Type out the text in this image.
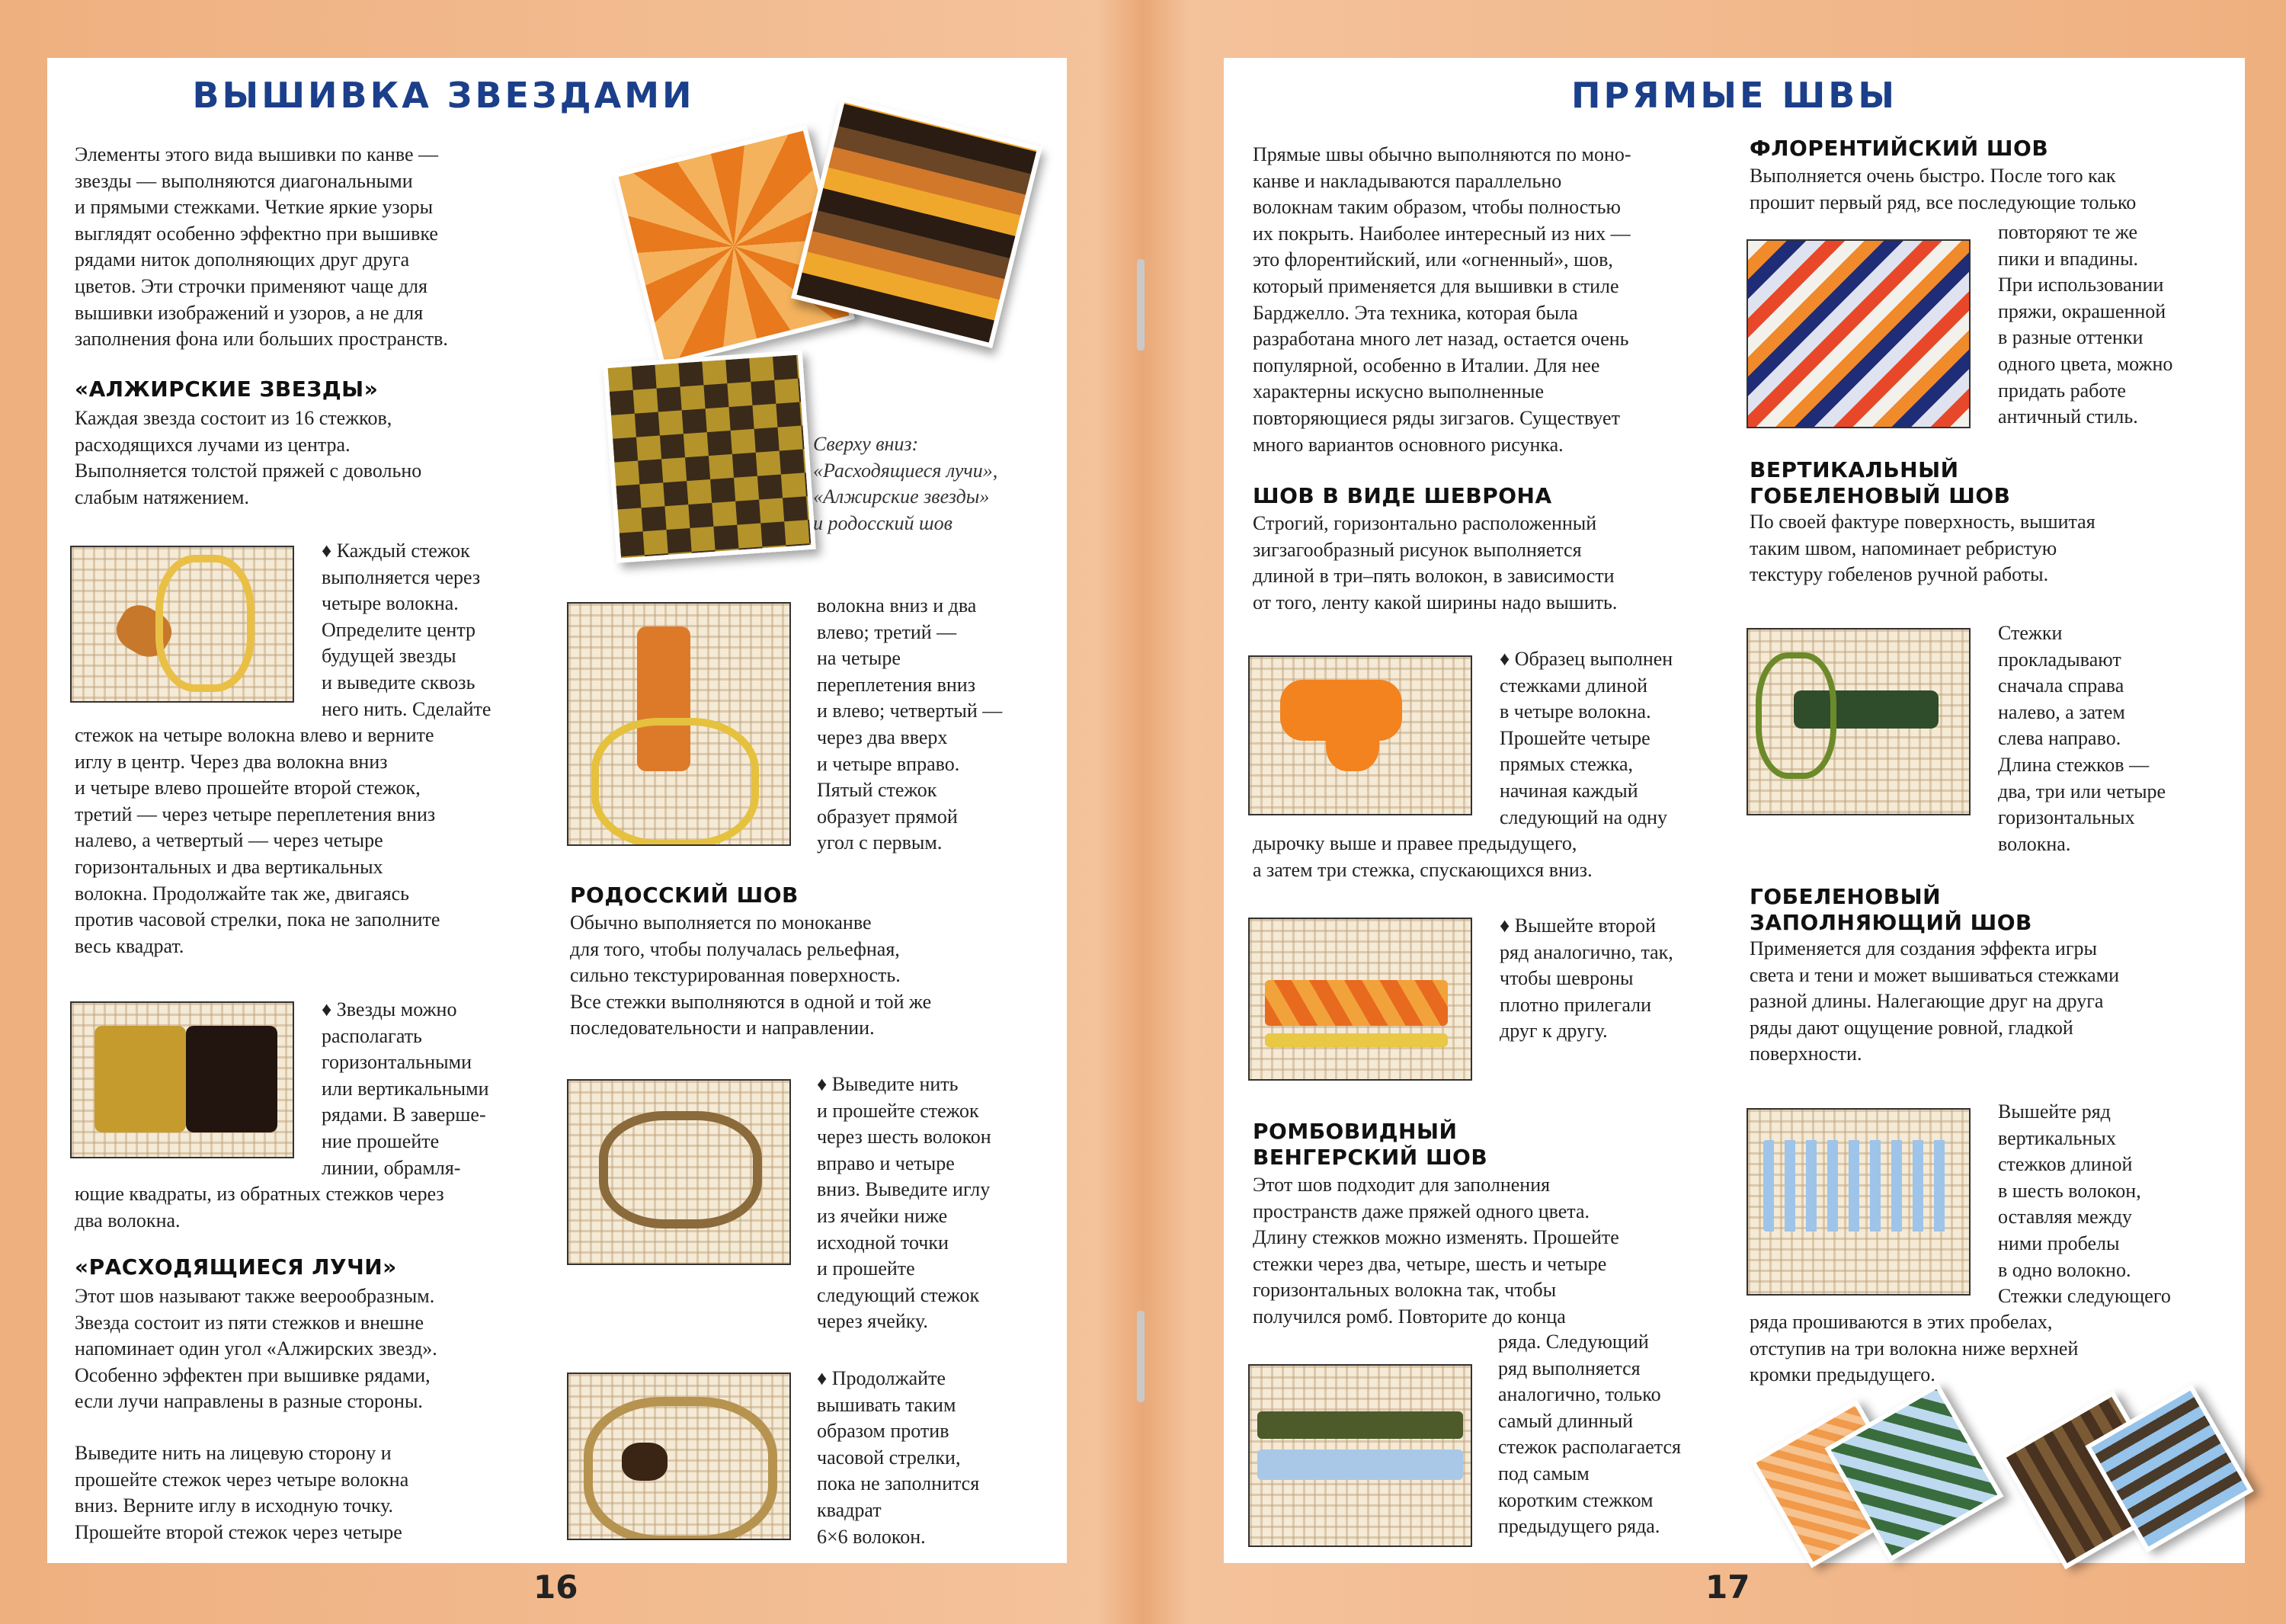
ВЫШИВКА ЗВЕЗДАМИ

Элементы этого вида вышивки по канве —
звезды — выполняются диагональными
и прямыми стежками. Четкие яркие узоры
выглядят особенно эффектно при вышивке
рядами ниток дополняющих друг друга
цветов. Эти строчки применяют чаще для
вышивки изображений и узоров, а не для
заполнения фона или больших пространств.

Сверху вниз:
«Расходящиеся лучи»,
«Алжирские звезды»
и родосский шов

«АЛЖИРСКИЕ ЗВЕЗДЫ»

Каждая звезда состоит из 16 стежков,
расходящихся лучами из центра.
Выполняется толстой пряжей с довольно
слабым натяжением.

♦ Каждый стежок
выполняется через
четыре волокна.
Определите центр
будущей звезды
и выведите сквозь
него нить. Сделайте

стежок на четыре волокна влево и верните
иглу в центр. Через два волокна вниз
и четыре влево прошейте второй стежок,
третий — через четыре переплетения вниз
налево, а четвертый — через четыре
горизонтальных и два вертикальных
волокна. Продолжайте так же, двигаясь
против часовой стрелки, пока не заполните
весь квадрат.

♦ Звезды можно
располагать
горизонтальными
или вертикальными
рядами. В заверше-
ние прошейте
линии, обрамля-

ющие квадраты, из обратных стежков через
два волокна.

«РАСХОДЯЩИЕСЯ ЛУЧИ»

Этот шов называют также веерообразным.
Звезда состоит из пяти стежков и внешне
напоминает один угол «Алжирских звезд».
Особенно эффектен при вышивке рядами,
если лучи направлены в разные стороны.

Выведите нить на лицевую сторону и
прошейте стежок через четыре волокна
вниз. Верните иглу в исходную точку.
Прошейте второй стежок через четыре

волокна вниз и два
влево; третий —
на четыре
переплетения вниз
и влево; четвертый —
через два вверх
и четыре вправо.
Пятый стежок
образует прямой
угол с первым.

РОДОССКИЙ ШОВ

Обычно выполняется по моноканве
для того, чтобы получалась рельефная,
сильно текстурированная поверхность.
Все стежки выполняются в одной и той же
последовательности и направлении.

♦ Выведите нить
и прошейте стежок
через шесть волокон
вправо и четыре
вниз. Выведите иглу
из ячейки ниже
исходной точки
и прошейте
следующий стежок
через ячейку.

♦ Продолжайте
вышивать таким
образом против
часовой стрелки,
пока не заполнится
квадрат
6×6 волокон.

16

ПРЯМЫЕ ШВЫ

Прямые швы обычно выполняются по моно-
канве и накладываются параллельно
волокнам таким образом, чтобы полностью
их покрыть. Наиболее интересный из них —
это флорентийский, или «огненный», шов,
который применяется для вышивки в стиле
Барджелло. Эта техника, которая была
разработана много лет назад, остается очень
популярной, особенно в Италии. Для нее
характерны искусно выполненные
повторяющиеся ряды зигзагов. Существует
много вариантов основного рисунка.

ШОВ В ВИДЕ ШЕВРОНА

Строгий, горизонтально расположенный
зигзагообразный рисунок выполняется
длиной в три–пять волокон, в зависимости
от того, ленту какой ширины надо вышить.

♦ Образец выполнен
стежками длиной
в четыре волокна.
Прошейте четыре
прямых стежка,
начиная каждый
следующий на одну

дырочку выше и правее предыдущего,
а затем три стежка, спускающихся вниз.

♦ Вышейте второй
ряд аналогично, так,
чтобы шевроны
плотно прилегали
друг к другу.

РОМБОВИДНЫЙ
ВЕНГЕРСКИЙ ШОВ

Этот шов подходит для заполнения
пространств даже пряжей одного цвета.
Длину стежков можно изменять. Прошейте
стежки через два, четыре, шесть и четыре
горизонтальных волокна так, чтобы
получился ромб. Повторите до конца

ряда. Следующий
ряд выполняется
аналогично, только
самый длинный
стежок располагается
под самым
коротким стежком
предыдущего ряда.

ФЛОРЕНТИЙСКИЙ ШОВ

Выполняется очень быстро. После того как
прошит первый ряд, все последующие только

повторяют те же
пики и впадины.
При использовании
пряжи, окрашенной
в разные оттенки
одного цвета, можно
придать работе
античный стиль.

ВЕРТИКАЛЬНЫЙ
ГОБЕЛЕНОВЫЙ ШОВ

По своей фактуре поверхность, вышитая
таким швом, напоминает ребристую
текстуру гобеленов ручной работы.

Стежки
прокладывают
сначала справа
налево, а затем
слева направо.
Длина стежков —
два, три или четыре
горизонтальных
волокна.

ГОБЕЛЕНОВЫЙ
ЗАПОЛНЯЮЩИЙ ШОВ

Применяется для создания эффекта игры
света и тени и может вышиваться стежками
разной длины. Налегающие друг на друга
ряды дают ощущение ровной, гладкой
поверхности.

Вышейте ряд
вертикальных
стежков длиной
в шесть волокон,
оставляя между
ними пробелы
в одно волокно.
Стежки следующего

ряда прошиваются в этих пробелах,
отступив на три волокна ниже верхней
кромки предыдущего.

17
